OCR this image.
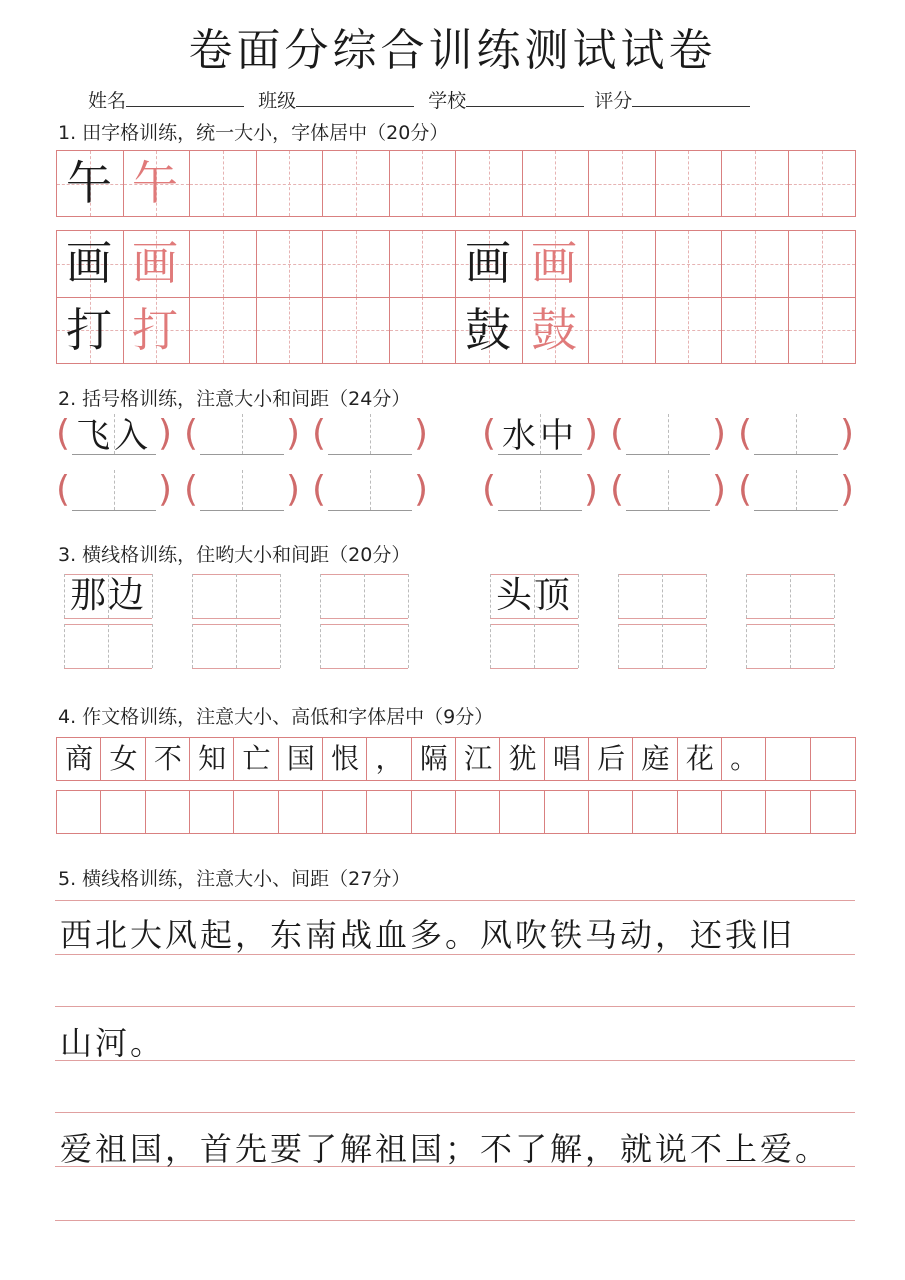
卷面分综合训练测试试卷
姓名	班级	学校	评分
1. 田字格训练，统一大小，字体居中（20分）
午 午
画 画
打 打
画 画
鼓 鼓
2. 括号格训练，注意大小和间距（24分）
( ) ( ) ( ) ( ) ( ) ( )
( ) ( ) ( ) ( ) ( ) ( )
飞入	水中
3. 横线格训练，住哟大小和间距（20分）
那边	头顶
4. 作文格训练，注意大小、高低和字体居中（9分）
商 女 不 知 亡 国 恨 ， 隔 江 犹 唱 后 庭 花 。
5. 横线格训练，注意大小、间距（27分）
西北大风起，东南战血多。风吹铁马动，还我旧
山河。
爱祖国，首先要了解祖国；不了解，就说不上爱。
